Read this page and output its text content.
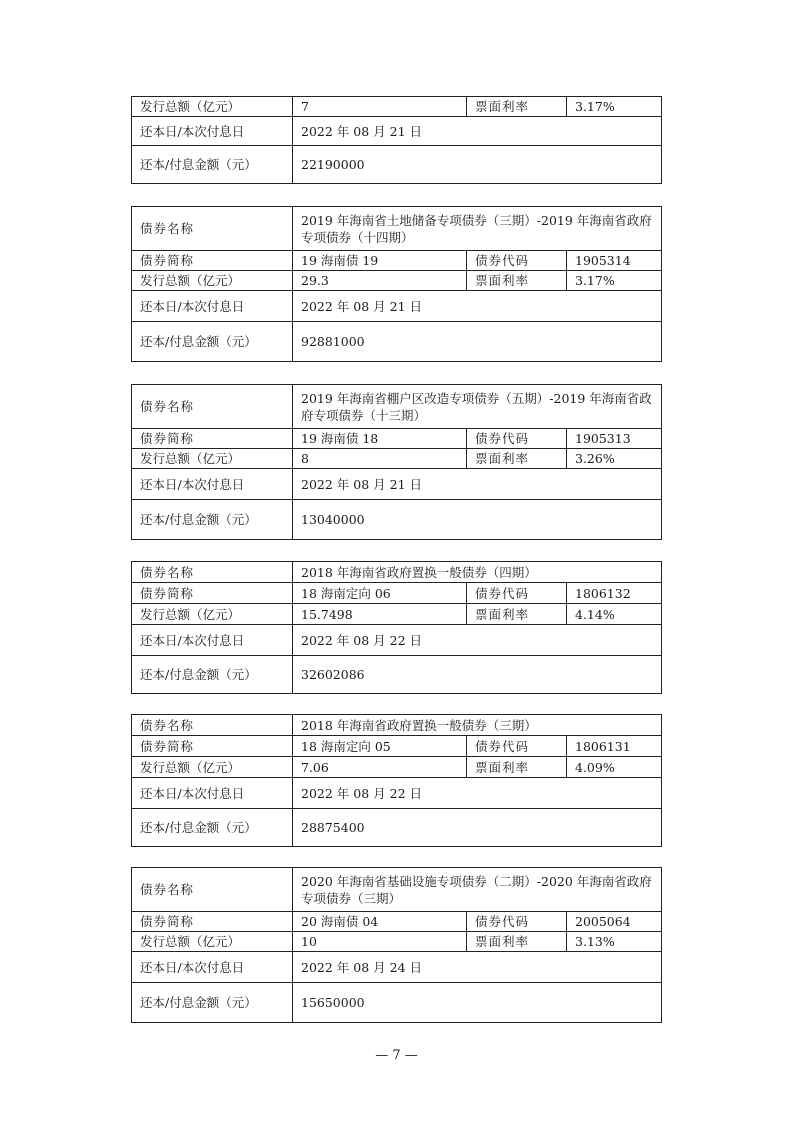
发行总额（亿元）	7	票面利率	3.17%
还本日/本次付息日	2022 年 08 月 21 日		
还本/付息金额（元）	22190000		
债券名称	2019 年海南省土地储备专项债券（三期）-2019 年海南省政府专项债券（十四期）		
债券简称	19 海南债 19	债券代码	1905314
发行总额（亿元）	29.3	票面利率	3.17%
还本日/本次付息日	2022 年 08 月 21 日		
还本/付息金额（元）	92881000		
债券名称	2019 年海南省棚户区改造专项债券（五期）-2019 年海南省政府专项债券（十三期）		
债券简称	19 海南债 18	债券代码	1905313
发行总额（亿元）	8	票面利率	3.26%
还本日/本次付息日	2022 年 08 月 21 日		
还本/付息金额（元）	13040000		
债券名称	2018 年海南省政府置换一般债券（四期）		
债券简称	18 海南定向 06	债券代码	1806132
发行总额（亿元）	15.7498	票面利率	4.14%
还本日/本次付息日	2022 年 08 月 22 日		
还本/付息金额（元）	32602086		
债券名称	2018 年海南省政府置换一般债券（三期）		
债券简称	18 海南定向 05	债券代码	1806131
发行总额（亿元）	7.06	票面利率	4.09%
还本日/本次付息日	2022 年 08 月 22 日		
还本/付息金额（元）	28875400		
债券名称	2020 年海南省基础设施专项债券（二期）-2020 年海南省政府专项债券（三期）		
债券简称	20 海南债 04	债券代码	2005064
发行总额（亿元）	10	票面利率	3.13%
还本日/本次付息日	2022 年 08 月 24 日		
还本/付息金额（元）	15650000		
— 7 —
